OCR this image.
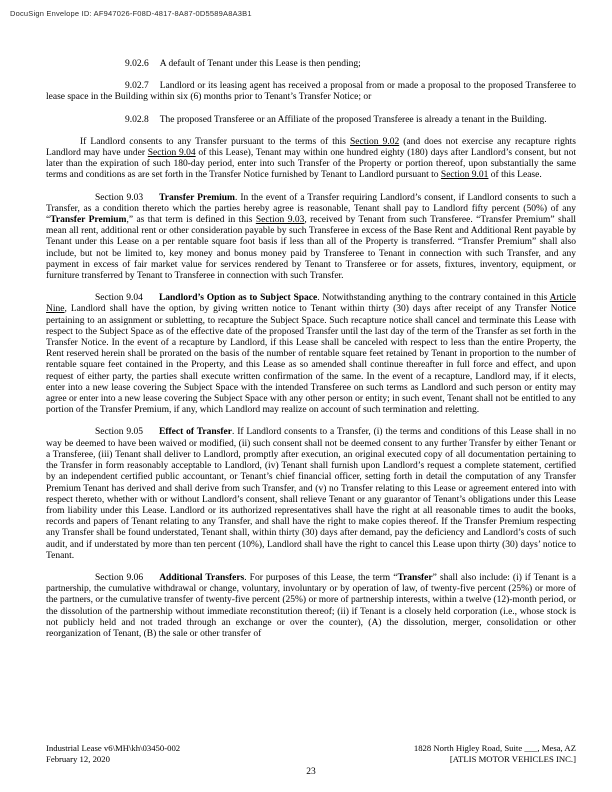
DocuSign Envelope ID: AF947026-F08D-4817-8A87-0D5589A8A3B1

9.02.6 A default of Tenant under this Lease is then pending;

9.02.7 Landlord or its leasing agent has received a proposal from or made a proposal to the proposed Transferee to lease space in the Building within six (6) months prior to Tenant’s Transfer Notice; or

9.02.8 The proposed Transferee or an Affiliate of the proposed Transferee is already a tenant in the Building.

If Landlord consents to any Transfer pursuant to the terms of this Section 9.02 (and does not exercise any recapture rights Landlord may have under Section 9.04 of this Lease), Tenant may within one hundred eighty (180) days after Landlord’s consent, but not later than the expiration of such 180-day period, enter into such Transfer of the Property or portion thereof, upon substantially the same terms and conditions as are set forth in the Transfer Notice furnished by Tenant to Landlord pursuant to Section 9.01 of this Lease.

Section 9.03 Transfer Premium. In the event of a Transfer requiring Landlord’s consent, if Landlord consents to such a Transfer, as a condition thereto which the parties hereby agree is reasonable, Tenant shall pay to Landlord fifty percent (50%) of any “Transfer Premium,” as that term is defined in this Section 9.03, received by Tenant from such Transferee. “Transfer Premium” shall mean all rent, additional rent or other consideration payable by such Transferee in excess of the Base Rent and Additional Rent payable by Tenant under this Lease on a per rentable square foot basis if less than all of the Property is transferred. “Transfer Premium” shall also include, but not be limited to, key money and bonus money paid by Transferee to Tenant in connection with such Transfer, and any payment in excess of fair market value for services rendered by Tenant to Transferee or for assets, fixtures, inventory, equipment, or furniture transferred by Tenant to Transferee in connection with such Transfer.

Section 9.04 Landlord’s Option as to Subject Space. Notwithstanding anything to the contrary contained in this Article Nine, Landlord shall have the option, by giving written notice to Tenant within thirty (30) days after receipt of any Transfer Notice pertaining to an assignment or subletting, to recapture the Subject Space. Such recapture notice shall cancel and terminate this Lease with respect to the Subject Space as of the effective date of the proposed Transfer until the last day of the term of the Transfer as set forth in the Transfer Notice. In the event of a recapture by Landlord, if this Lease shall be canceled with respect to less than the entire Property, the Rent reserved herein shall be prorated on the basis of the number of rentable square feet retained by Tenant in proportion to the number of rentable square feet contained in the Property, and this Lease as so amended shall continue thereafter in full force and effect, and upon request of either party, the parties shall execute written confirmation of the same. In the event of a recapture, Landlord may, if it elects, enter into a new lease covering the Subject Space with the intended Transferee on such terms as Landlord and such person or entity may agree or enter into a new lease covering the Subject Space with any other person or entity; in such event, Tenant shall not be entitled to any portion of the Transfer Premium, if any, which Landlord may realize on account of such termination and reletting.

Section 9.05 Effect of Transfer. If Landlord consents to a Transfer, (i) the terms and conditions of this Lease shall in no way be deemed to have been waived or modified, (ii) such consent shall not be deemed consent to any further Transfer by either Tenant or a Transferee, (iii) Tenant shall deliver to Landlord, promptly after execution, an original executed copy of all documentation pertaining to the Transfer in form reasonably acceptable to Landlord, (iv) Tenant shall furnish upon Landlord’s request a complete statement, certified by an independent certified public accountant, or Tenant’s chief financial officer, setting forth in detail the computation of any Transfer Premium Tenant has derived and shall derive from such Transfer, and (v) no Transfer relating to this Lease or agreement entered into with respect thereto, whether with or without Landlord’s consent, shall relieve Tenant or any guarantor of Tenant’s obligations under this Lease from liability under this Lease. Landlord or its authorized representatives shall have the right at all reasonable times to audit the books, records and papers of Tenant relating to any Transfer, and shall have the right to make copies thereof. If the Transfer Premium respecting any Transfer shall be found understated, Tenant shall, within thirty (30) days after demand, pay the deficiency and Landlord’s costs of such audit, and if understated by more than ten percent (10%), Landlord shall have the right to cancel this Lease upon thirty (30) days’ notice to Tenant.

Section 9.06 Additional Transfers. For purposes of this Lease, the term “Transfer” shall also include: (i) if Tenant is a partnership, the cumulative withdrawal or change, voluntary, involuntary or by operation of law, of twenty-five percent (25%) or more of the partners, or the cumulative transfer of twenty-five percent (25%) or more of partnership interests, within a twelve (12)-month period, or the dissolution of the partnership without immediate reconstitution thereof; (ii) if Tenant is a closely held corporation (i.e., whose stock is not publicly held and not traded through an exchange or over the counter), (A) the dissolution, merger, consolidation or other reorganization of Tenant, (B) the sale or other transfer of

Industrial Lease v6\MH\kh\03450-002
February 12, 2020
1828 North Higley Road, Suite ___, Mesa, AZ
[ATLIS MOTOR VEHICLES INC.]
23
